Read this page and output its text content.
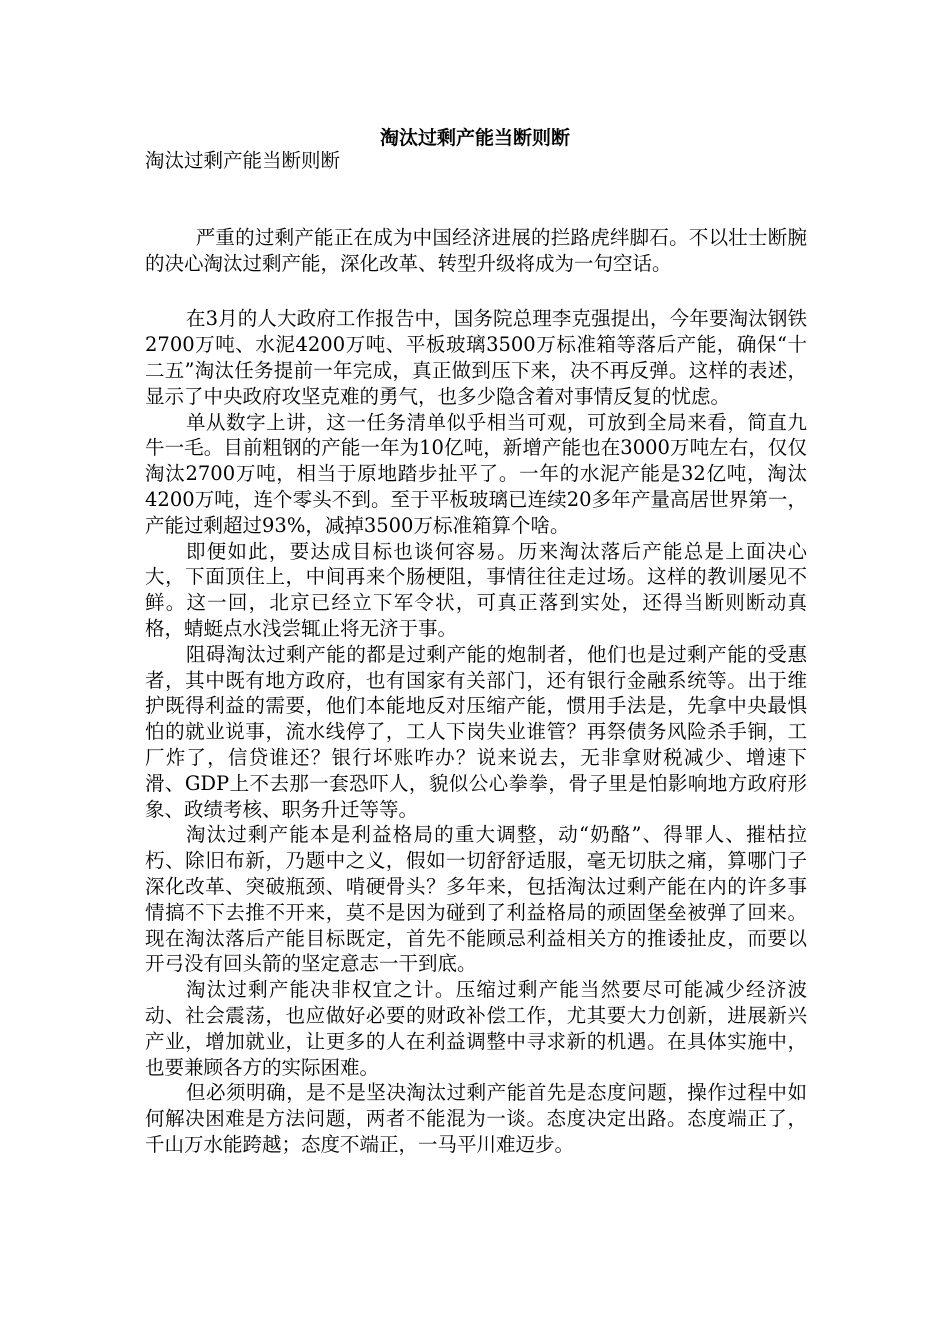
淘汰过剩产能当断则断

淘汰过剩产能当断则断

严重的过剩产能正在成为中国经济进展的拦路虎绊脚石。不以壮士断腕的决心淘汰过剩产能，深化改革、转型升级将成为一句空话。

在3月的人大政府工作报告中，国务院总理李克强提出，今年要淘汰钢铁2700万吨、水泥4200万吨、平板玻璃3500万标准箱等落后产能，确保“十二五”淘汰任务提前一年完成，真正做到压下来，决不再反弹。这样的表述，显示了中央政府攻坚克难的勇气，也多少隐含着对事情反复的忧虑。

单从数字上讲，这一任务清单似乎相当可观，可放到全局来看，简直九牛一毛。目前粗钢的产能一年为10亿吨，新增产能也在3000万吨左右，仅仅淘汰2700万吨，相当于原地踏步扯平了。一年的水泥产能是32亿吨，淘汰4200万吨，连个零头不到。至于平板玻璃已连续20多年产量高居世界第一，产能过剩超过93%，减掉3500万标准箱算个啥。

即便如此，要达成目标也谈何容易。历来淘汰落后产能总是上面决心大，下面顶住上，中间再来个肠梗阻，事情往往走过场。这样的教训屡见不鲜。这一回，北京已经立下军令状，可真正落到实处，还得当断则断动真格，蜻蜓点水浅尝辄止将无济于事。

阻碍淘汰过剩产能的都是过剩产能的炮制者，他们也是过剩产能的受惠者，其中既有地方政府，也有国家有关部门，还有银行金融系统等。出于维护既得利益的需要，他们本能地反对压缩产能，惯用手法是，先拿中央最惧怕的就业说事，流水线停了，工人下岗失业谁管？再祭债务风险杀手锏，工厂炸了，信贷谁还？银行坏账咋办？说来说去，无非拿财税减少、增速下滑、GDP上不去那一套恐吓人，貌似公心拳拳，骨子里是怕影响地方政府形象、政绩考核、职务升迁等等。

淘汰过剩产能本是利益格局的重大调整，动“奶酪”、得罪人、摧枯拉朽、除旧布新，乃题中之义，假如一切舒舒适服，毫无切肤之痛，算哪门子深化改革、突破瓶颈、啃硬骨头？多年来，包括淘汰过剩产能在内的许多事情搞不下去推不开来，莫不是因为碰到了利益格局的顽固堡垒被弹了回来。现在淘汰落后产能目标既定，首先不能顾忌利益相关方的推诿扯皮，而要以开弓没有回头箭的坚定意志一干到底。

淘汰过剩产能决非权宜之计。压缩过剩产能当然要尽可能减少经济波动、社会震荡，也应做好必要的财政补偿工作，尤其要大力创新，进展新兴产业，增加就业，让更多的人在利益调整中寻求新的机遇。在具体实施中，也要兼顾各方的实际困难。

但必须明确，是不是坚决淘汰过剩产能首先是态度问题，操作过程中如何解决困难是方法问题，两者不能混为一谈。态度决定出路。态度端正了，千山万水能跨越；态度不端正，一马平川难迈步。
